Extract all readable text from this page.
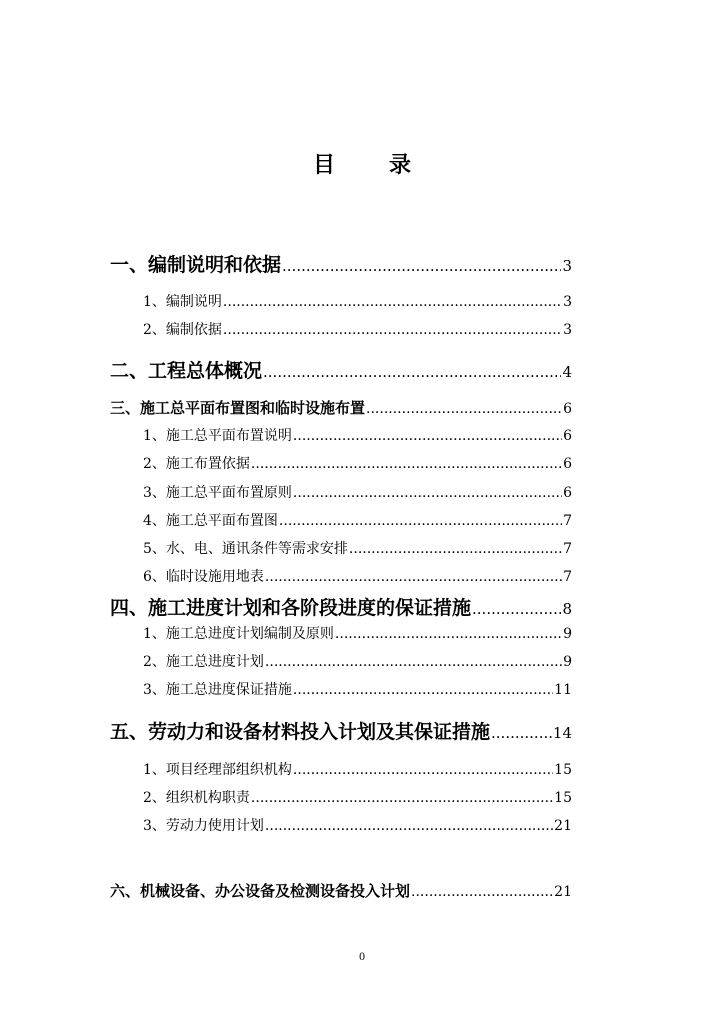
目 录
一、编制说明和依据 .....	3
1、编制说明 .....	3
2、编制依据 .....	3
二、工程总体概况 .....	4
三、施工总平面布置图和临时设施布置 .....	6
1、施工总平面布置说明 .....	6
2、施工布置依据 .....	6
3、施工总平面布置原则 .....	6
4、施工总平面布置图 .....	7
5、水、电、通讯条件等需求安排 .....	7
6、临时设施用地表 .....	7
四、施工进度计划和各阶段进度的保证措施 .....	8
1、施工总进度计划编制及原则 .....	9
2、施工总进度计划 .....	9
3、施工总进度保证措施 .....	11
五、劳动力和设备材料投入计划及其保证措施 .....	14
1、项目经理部组织机构 .....	15
2、组织机构职责 .....	15
3、劳动力使用计划 .....	21
六、机械设备、办公设备及检测设备投入计划 .....	21
0
